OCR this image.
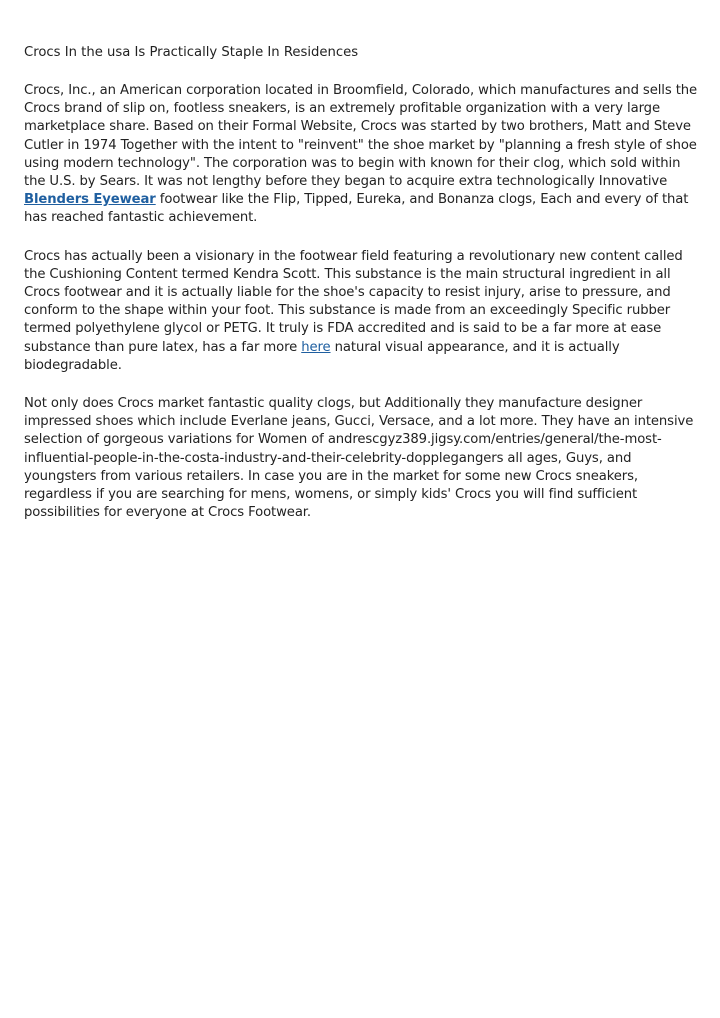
Crocs In the usa Is Practically Staple In Residences

Crocs, Inc., an American corporation located in Broomfield, Colorado, which manufactures and sells the Crocs brand of slip on, footless sneakers, is an extremely profitable organization with a very large marketplace share. Based on their Formal Website, Crocs was started by two brothers, Matt and Steve Cutler in 1974 Together with the intent to "reinvent" the shoe market by "planning a fresh style of shoe using modern technology". The corporation was to begin with known for their clog, which sold within the U.S. by Sears. It was not lengthy before they began to acquire extra technologically Innovative Blenders Eyewear footwear like the Flip, Tipped, Eureka, and Bonanza clogs, Each and every of that has reached fantastic achievement.

Crocs has actually been a visionary in the footwear field featuring a revolutionary new content called the Cushioning Content termed Kendra Scott. This substance is the main structural ingredient in all Crocs footwear and it is actually liable for the shoe's capacity to resist injury, arise to pressure, and conform to the shape within your foot. This substance is made from an exceedingly Specific rubber termed polyethylene glycol or PETG. It truly is FDA accredited and is said to be a far more at ease substance than pure latex, has a far more here natural visual appearance, and it is actually biodegradable.

Not only does Crocs market fantastic quality clogs, but Additionally they manufacture designer impressed shoes which include Everlane jeans, Gucci, Versace, and a lot more. They have an intensive selection of gorgeous variations for Women of andrescgyz389.jigsy.com/entries/general/the-most-influential-people-in-the-costa-industry-and-their-celebrity-dopplegangers all ages, Guys, and youngsters from various retailers. In case you are in the market for some new Crocs sneakers, regardless if you are searching for mens, womens, or simply kids' Crocs you will find sufficient possibilities for everyone at Crocs Footwear.
